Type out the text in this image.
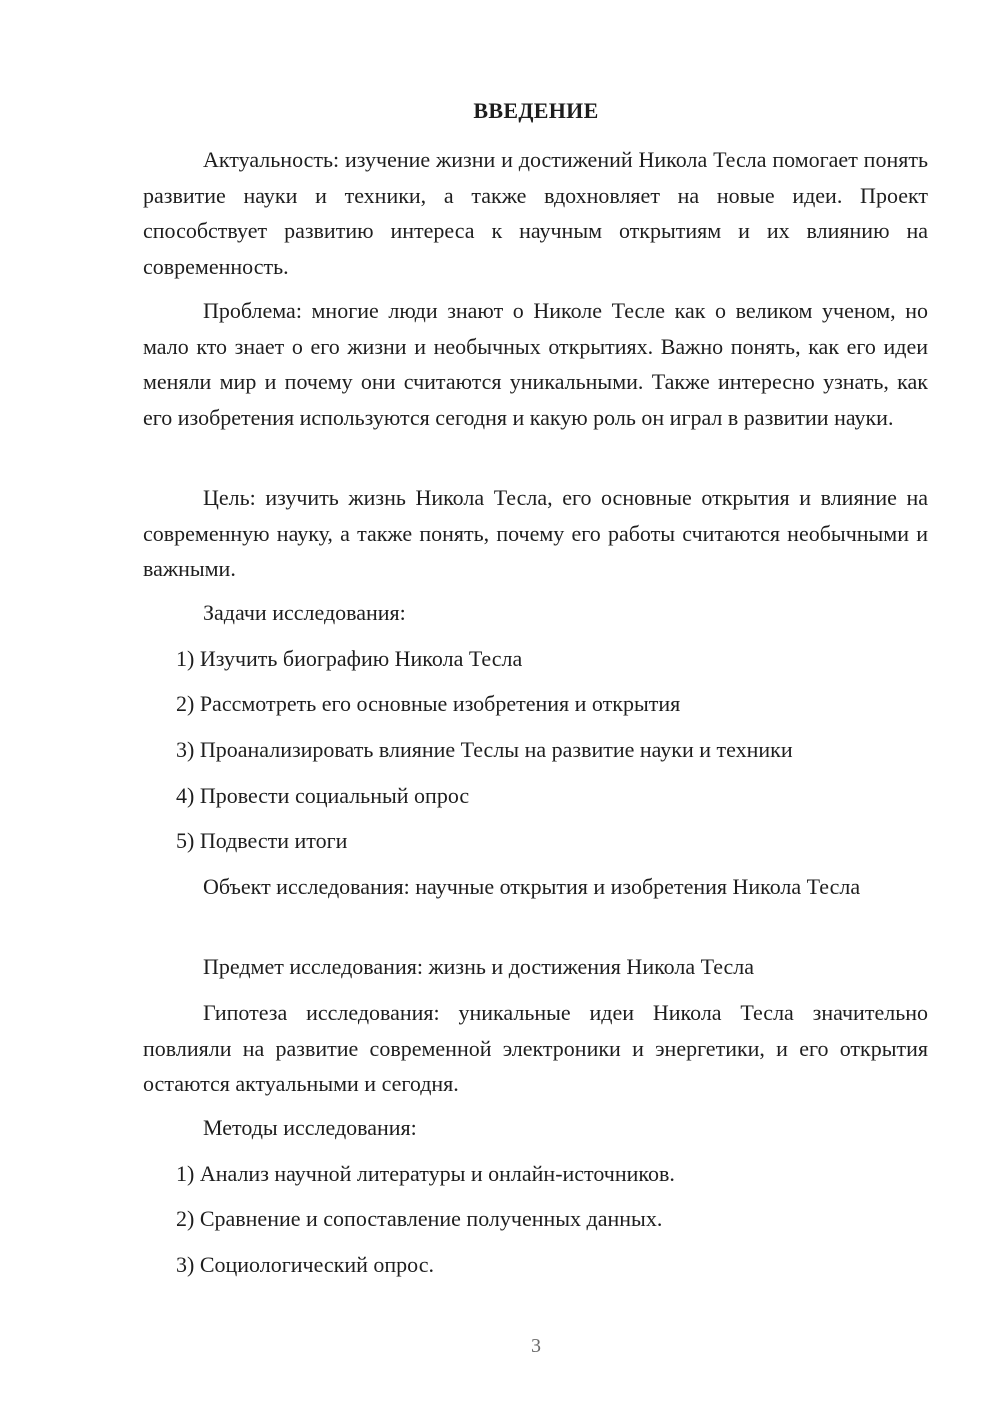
ВВЕДЕНИЕ

Актуальность: изучение жизни и достижений Никола Тесла помогает понять развитие науки и техники, а также вдохновляет на новые идеи. Проект способствует развитию интереса к научным открытиям и их влиянию на современность.

Проблема: многие люди знают о Николе Тесле как о великом ученом, но мало кто знает о его жизни и необычных открытиях. Важно понять, как его идеи меняли мир и почему они считаются уникальными. Также интересно узнать, как его изобретения используются сегодня и какую роль он играл в развитии науки.

Цель: изучить жизнь Никола Тесла, его основные открытия и влияние на современную науку, а также понять, почему его работы считаются необычными и важными.

Задачи исследования:

1) Изучить биографию Никола Тесла

2) Рассмотреть его основные изобретения и открытия

3) Проанализировать влияние Теслы на развитие науки и техники

4) Провести социальный опрос

5) Подвести итоги

Объект исследования: научные открытия и изобретения Никола Тесла

Предмет исследования: жизнь и достижения Никола Тесла

Гипотеза исследования: уникальные идеи Никола Тесла значительно повлияли на развитие современной электроники и энергетики, и его открытия остаются актуальными и сегодня.

Методы исследования:

1) Анализ научной литературы и онлайн-источников.

2) Сравнение и сопоставление полученных данных.

3) Социологический опрос.

3
